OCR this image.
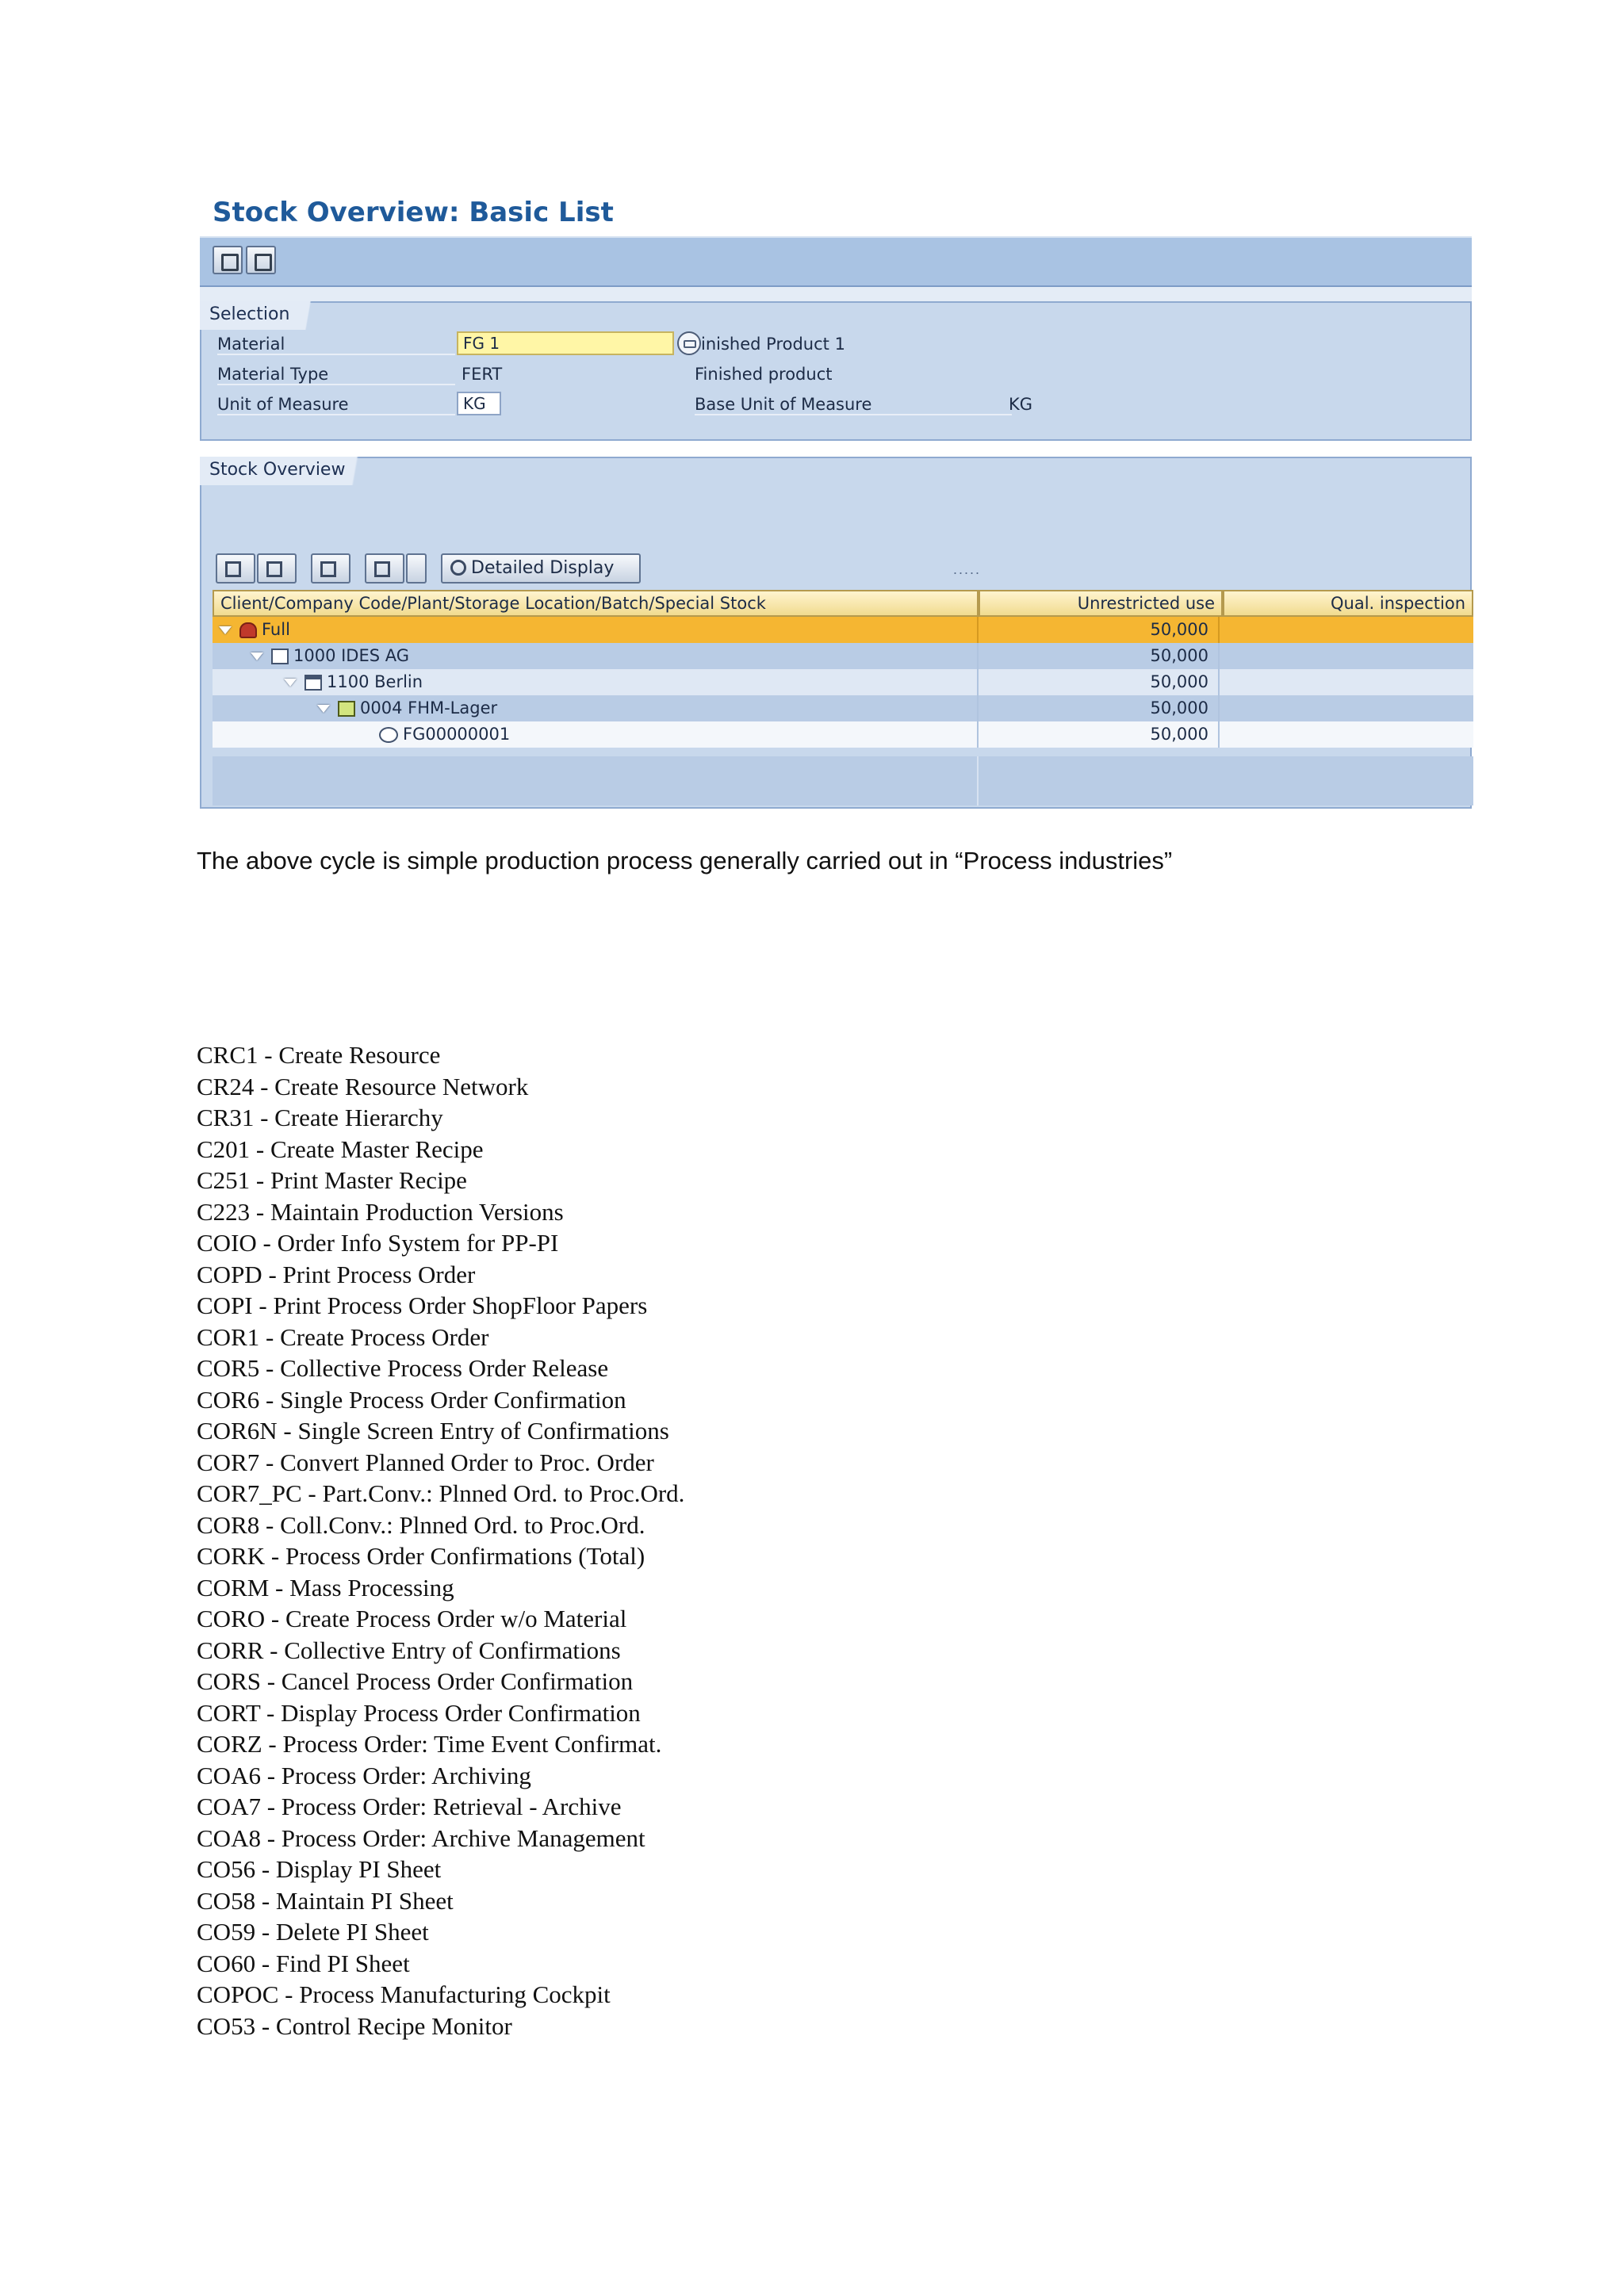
Stock Overview: Basic List
Selection
Material	FG 1	inished Product 1
Material Type	FERT	Finished product
Unit of Measure	KG	Base Unit of Measure	KG
Stock Overview
.....
Detailed Display
Client/Company Code/Plant/Storage Location/Batch/Special Stock	Unrestricted use	Qual. inspection
Full	50,000
1000 IDES AG	50,000
1100 Berlin	50,000
0004 FHM-Lager	50,000
FG00000001	50,000
The above cycle is simple production process generally carried out in “Process industries”
CRC1 - Create Resource
CR24 - Create Resource Network
CR31 - Create Hierarchy
C201 - Create Master Recipe
C251 - Print Master Recipe
C223 - Maintain Production Versions
COIO - Order Info System for PP-PI
COPD - Print Process Order
COPI - Print Process Order ShopFloor Papers
COR1 - Create Process Order
COR5 - Collective Process Order Release
COR6 - Single Process Order Confirmation
COR6N - Single Screen Entry of Confirmations
COR7 - Convert Planned Order to Proc. Order
COR7_PC - Part.Conv.: Plnned Ord. to Proc.Ord.
COR8 - Coll.Conv.: Plnned Ord. to Proc.Ord.
CORK - Process Order Confirmations (Total)
CORM - Mass Processing
CORO - Create Process Order w/o Material
CORR - Collective Entry of Confirmations
CORS - Cancel Process Order Confirmation
CORT - Display Process Order Confirmation
CORZ - Process Order: Time Event Confirmat.
COA6 - Process Order: Archiving
COA7 - Process Order: Retrieval - Archive
COA8 - Process Order: Archive Management
CO56 - Display PI Sheet
CO58 - Maintain PI Sheet
CO59 - Delete PI Sheet
CO60 - Find PI Sheet
COPOC - Process Manufacturing Cockpit
CO53 - Control Recipe Monitor
